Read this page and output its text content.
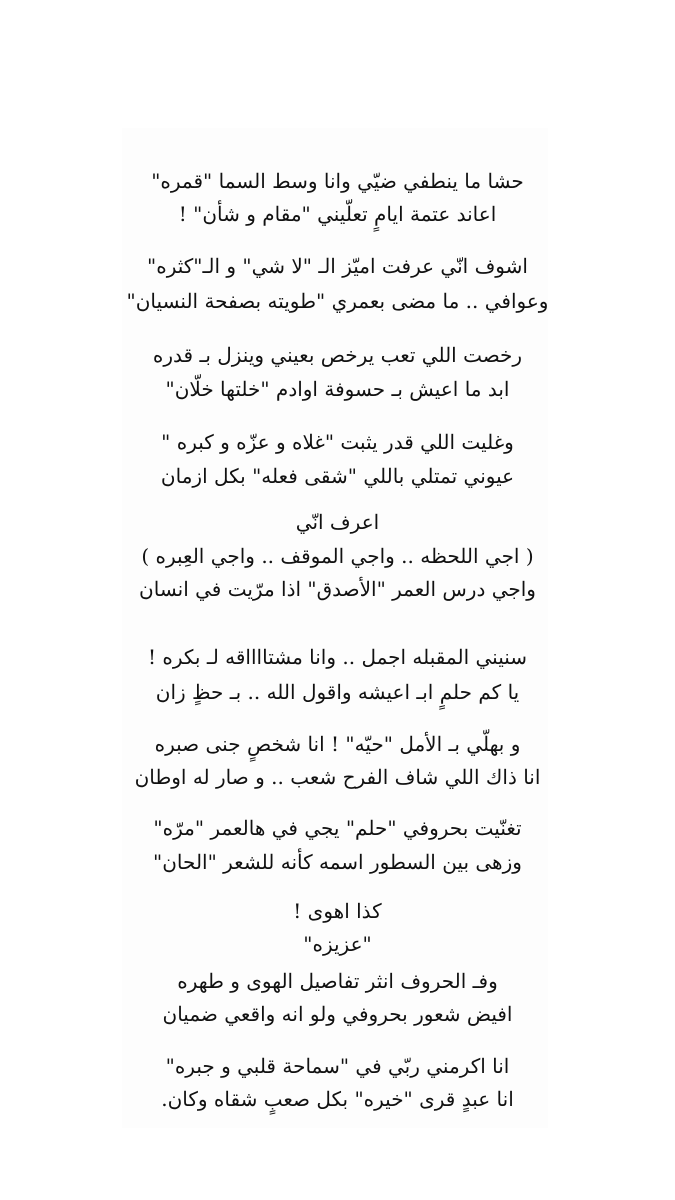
حشا ما ينطفي ضيّي وانا وسط السما "قمره"
اعاند عتمة ايامٍ تعلّيني "مقام و شأن" !
اشوف انّي عرفت اميّز الـ "لا شي" و الـ"كثره"
وعوافي .. ما مضى بعمري "طويته بصفحة النسيان"
رخصت اللي تعب يرخص بعيني وينزل بـ قدره
ابد ما اعيش بـ حسوفة اوادم "خلتها خلّان"
وغليت اللي قدر يثبت "غلاه و عزّه و كبره "
عيوني تمتلي باللي "شقى فعله" بكل ازمان
اعرف انّي
( اجي اللحظه .. واجي الموقف .. واجي العِبره )
واجي درس العمر "الأصدق" اذا مرّيت في انسان
سنيني المقبله اجمل .. وانا مشتااااقه لـ بكره !
يا كم حلمٍ ابـ اعيشه واقول الله .. بـ حظٍ زان
و بهلّي بـ الأمل "حيّه" ! انا شخصٍ جنى صبره
انا ذاك اللي شاف الفرح شعب .. و صار له اوطان
تغنّيت بحروفي "حلم" يجي في هالعمر "مرّه"
وزهى بين السطور اسمه كأنه للشعر "الحان"
كذا اهوى !
"عزيزه"
وفـ الحروف انثر تفاصيل الهوى و طهره
افيض شعور بحروفي ولو انه واقعي ضميان
انا اكرمني ربّي في "سماحة قلبي و جبره"
انا عبدٍ قرى "خيره" بكل صعبٍ شقاه وكان.
